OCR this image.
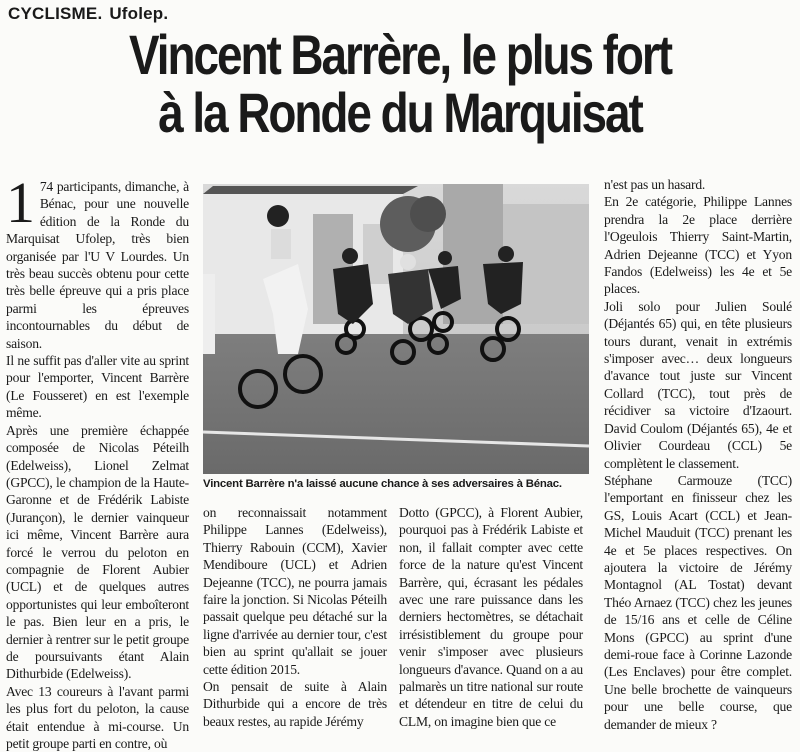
CYCLISME. Ufolep.
Vincent Barrère, le plus fort
à la Ronde du Marquisat
1 74 participants, dimanche, à Bénac, pour une nouvelle édition de la Ronde du Marquisat Ufolep, très bien organisée par l'U V Lourdes. Un très beau succès obtenu pour cette très belle épreuve qui a pris place parmi les épreuves incontournables du début de saison.

Il ne suffit pas d'aller vite au sprint pour l'emporter, Vincent Barrère (Le Fousseret) en est l'exemple même.

Après une première échappée composée de Nicolas Péteilh (Edelweiss), Lionel Zelmat (GPCC), le champion de la Haute-Garonne et de Frédérik Labiste (Jurançon), le dernier vainqueur ici même, Vincent Barrère aura forcé le verrou du peloton en compagnie de Florent Aubier (UCL) et de quelques autres opportunistes qui leur emboîteront le pas. Bien leur en a pris, le dernier à rentrer sur le petit groupe de poursuivants étant Alain Dithurbide (Edelweiss).

Avec 13 coureurs à l'avant parmi les plus fort du peloton, la cause était entendue à mi-course. Un petit groupe parti en contre, où

Vincent Barrère n'a laissé aucune chance à ses adversaires à Bénac.

on reconnaissait notamment Philippe Lannes (Edelweiss), Thierry Rabouin (CCM), Xavier Mendiboure (UCL) et Adrien Dejeanne (TCC), ne pourra jamais faire la jonction. Si Nicolas Péteilh passait quelque peu détaché sur la ligne d'arrivée au dernier tour, c'est bien au sprint qu'allait se jouer cette édition 2015.

On pensait de suite à Alain Dithurbide qui a encore de très beaux restes, au rapide Jérémy

Dotto (GPCC), à Florent Aubier, pourquoi pas à Frédérik Labiste et non, il fallait compter avec cette force de la nature qu'est Vincent Barrère, qui, écrasant les pédales avec une rare puissance dans les derniers hectomètres, se détachait irrésistiblement du groupe pour venir s'imposer avec plusieurs longueurs d'avance. Quand on a au palmarès un titre national sur route et détendeur en titre de celui du CLM, on imagine bien que ce

n'est pas un hasard.

En 2e catégorie, Philippe Lannes prendra la 2e place derrière l'Ogeulois Thierry Saint-Martin, Adrien Dejeanne (TCC) et Yyon Fandos (Edelweiss) les 4e et 5e places.

Joli solo pour Julien Soulé (Déjantés 65) qui, en tête plusieurs tours durant, venait in extrémis s'imposer avec… deux longueurs d'avance tout juste sur Vincent Collard (TCC), tout près de récidiver sa victoire d'Izaourt. David Coulom (Déjantés 65), 4e et Olivier Courdeau (CCL) 5e complètent le classement.

Stéphane Carmouze (TCC) l'emportant en finisseur chez les GS, Louis Acart (CCL) et Jean-Michel Mauduit (TCC) prenant les 4e et 5e places respectives. On ajoutera la victoire de Jérémy Montagnol (AL Tostat) devant Théo Arnaez (TCC) chez les jeunes de 15/16 ans et celle de Céline Mons (GPCC) au sprint d'une demi-roue face à Corinne Lazonde (Les Enclaves) pour être complet. Une belle brochette de vainqueurs pour une belle course, que demander de mieux ?
